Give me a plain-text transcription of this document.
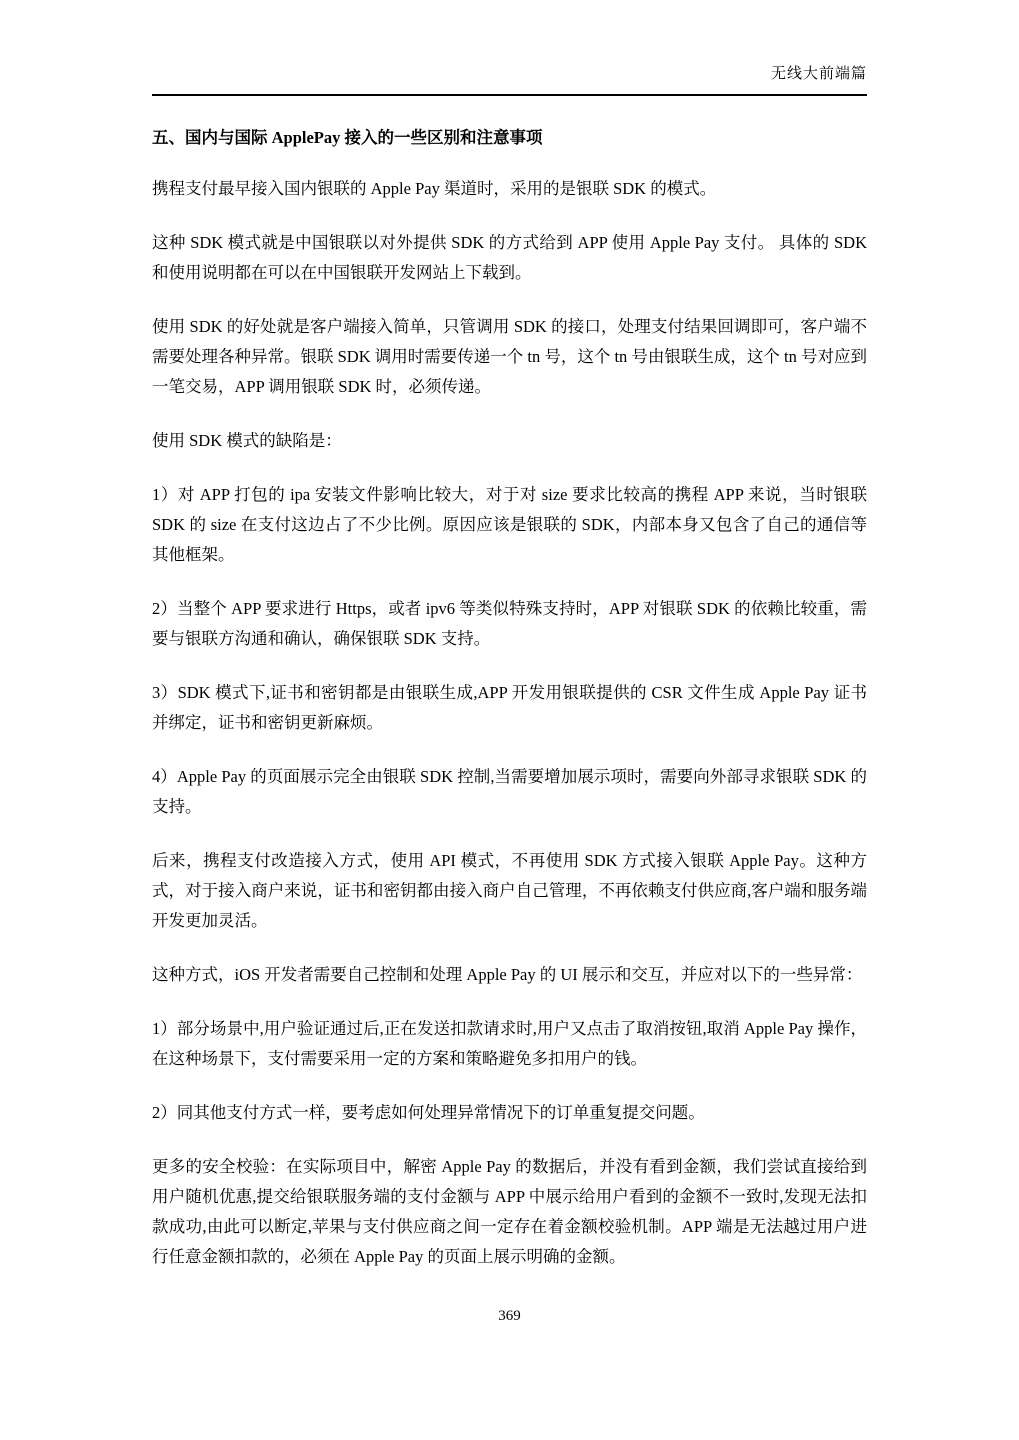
无线大前端篇
五、国内与国际 ApplePay 接入的一些区别和注意事项

携程支付最早接入国内银联的 Apple Pay 渠道时，采用的是银联 SDK 的模式。

这种 SDK 模式就是中国银联以对外提供 SDK 的方式给到 APP 使用 Apple Pay 支付。 具体的 SDK 和使用说明都在可以在中国银联开发网站上下载到。

使用 SDK 的好处就是客户端接入简单，只管调用 SDK 的接口，处理支付结果回调即可，客户端不需要处理各种异常。银联 SDK 调用时需要传递一个 tn 号，这个 tn 号由银联生成，这个 tn 号对应到一笔交易，APP 调用银联 SDK 时，必须传递。

使用 SDK 模式的缺陷是：

1）对 APP 打包的 ipa 安装文件影响比较大，对于对 size 要求比较高的携程 APP 来说，当时银联 SDK 的 size 在支付这边占了不少比例。原因应该是银联的 SDK，内部本身又包含了自己的通信等其他框架。

2）当整个 APP 要求进行 Https，或者 ipv6 等类似特殊支持时，APP 对银联 SDK 的依赖比较重，需要与银联方沟通和确认，确保银联 SDK 支持。

3）SDK 模式下,证书和密钥都是由银联生成,APP 开发用银联提供的 CSR 文件生成 Apple Pay 证书并绑定，证书和密钥更新麻烦。

4）Apple Pay 的页面展示完全由银联 SDK 控制,当需要增加展示项时，需要向外部寻求银联 SDK 的支持。

后来，携程支付改造接入方式，使用 API 模式，不再使用 SDK 方式接入银联 Apple Pay。这种方式，对于接入商户来说，证书和密钥都由接入商户自己管理，不再依赖支付供应商,客户端和服务端开发更加灵活。

这种方式，iOS 开发者需要自己控制和处理 Apple Pay 的 UI 展示和交互，并应对以下的一些异常：

1）部分场景中,用户验证通过后,正在发送扣款请求时,用户又点击了取消按钮,取消 Apple Pay 操作，在这种场景下，支付需要采用一定的方案和策略避免多扣用户的钱。

2）同其他支付方式一样，要考虑如何处理异常情况下的订单重复提交问题。

更多的安全校验：在实际项目中，解密 Apple Pay 的数据后，并没有看到金额，我们尝试直接给到用户随机优惠,提交给银联服务端的支付金额与 APP 中展示给用户看到的金额不一致时,发现无法扣款成功,由此可以断定,苹果与支付供应商之间一定存在着金额校验机制。APP 端是无法越过用户进行任意金额扣款的，必须在 Apple Pay 的页面上展示明确的金额。

369
